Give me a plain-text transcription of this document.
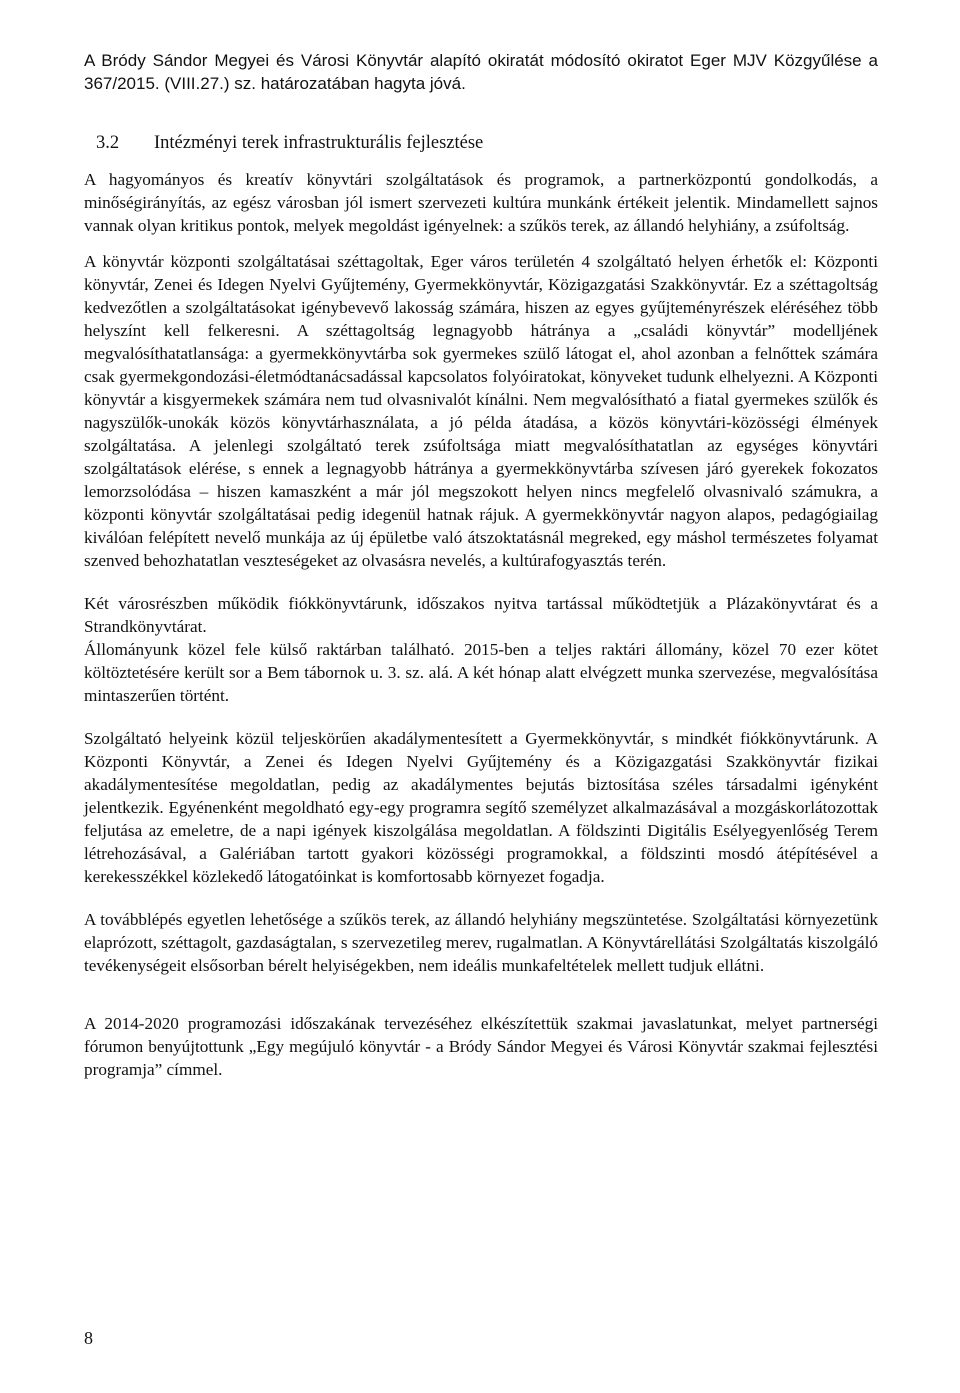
A Bródy Sándor Megyei és Városi Könyvtár alapító okiratát módosító okiratot Eger MJV Közgyűlése a 367/2015. (VIII.27.) sz. határozatában hagyta jóvá.

3.2	Intézményi terek infrastrukturális fejlesztése

A hagyományos és kreatív könyvtári szolgáltatások és programok, a partnerközpontú gondolkodás, a minőségirányítás, az egész városban jól ismert szervezeti kultúra munkánk értékeit jelentik. Mindamellett sajnos vannak olyan kritikus pontok, melyek megoldást igényelnek: a szűkös terek, az állandó helyhiány, a zsúfoltság.

A könyvtár központi szolgáltatásai széttagoltak, Eger város területén 4 szolgáltató helyen érhetők el: Központi könyvtár, Zenei és Idegen Nyelvi Gyűjtemény, Gyermekkönyvtár, Közigazgatási Szakkönyvtár. Ez a széttagoltság kedvezőtlen a szolgáltatásokat igénybevevő lakosság számára, hiszen az egyes gyűjteményrészek eléréséhez több helyszínt kell felkeresni. A széttagoltság legnagyobb hátránya a „családi könyvtár” modelljének megvalósíthatatlansága: a gyermekkönyvtárba sok gyermekes szülő látogat el, ahol azonban a felnőttek számára csak gyermekgondozási-életmódtanácsadással kapcsolatos folyóiratokat, könyveket tudunk elhelyezni. A Központi könyvtár a kisgyermekek számára nem tud olvasnivalót kínálni. Nem megvalósítható a fiatal gyermekes szülők és nagyszülők-unokák közös könyvtárhasználata, a jó példa átadása, a közös könyvtári-közösségi élmények szolgáltatása. A jelenlegi szolgáltató terek zsúfoltsága miatt megvalósíthatatlan az egységes könyvtári szolgáltatások elérése, s ennek a legnagyobb hátránya a gyermekkönyvtárba szívesen járó gyerekek fokozatos lemorzsolódása – hiszen kamaszként a már jól megszokott helyen nincs megfelelő olvasnivaló számukra, a központi könyvtár szolgáltatásai pedig idegenül hatnak rájuk. A gyermekkönyvtár nagyon alapos, pedagógiailag kiválóan felépített nevelő munkája az új épületbe való átszoktatásnál megreked, egy máshol természetes folyamat szenved behozhatatlan veszteségeket az olvasásra nevelés, a kultúrafogyasztás terén.

Két városrészben működik fiókkönyvtárunk, időszakos nyitva tartással működtetjük a Plázakönyvtárat és a Strandkönyvtárat.

Állományunk közel fele külső raktárban található. 2015-ben a teljes raktári állomány, közel 70 ezer kötet költöztetésére került sor a Bem tábornok u. 3. sz. alá. A két hónap alatt elvégzett munka szervezése, megvalósítása mintaszerűen történt.

Szolgáltató helyeink közül teljeskörűen akadálymentesített a Gyermekkönyvtár, s mindkét fiókkönyvtárunk. A Központi Könyvtár, a Zenei és Idegen Nyelvi Gyűjtemény és a Közigazgatási Szakkönyvtár fizikai akadálymentesítése megoldatlan, pedig az akadálymentes bejutás biztosítása széles társadalmi igényként jelentkezik. Egyénenként megoldható egy-egy programra segítő személyzet alkalmazásával a mozgáskorlátozottak feljutása az emeletre, de a napi igények kiszolgálása megoldatlan. A földszinti Digitális Esélyegyenlőség Terem létrehozásával, a Galériában tartott gyakori közösségi programokkal, a földszinti mosdó átépítésével a kerekesszékkel közlekedő látogatóinkat is komfortosabb környezet fogadja.

A továbblépés egyetlen lehetősége a szűkös terek, az állandó helyhiány megszüntetése. Szolgáltatási környezetünk elaprózott, széttagolt, gazdaságtalan, s szervezetileg merev, rugalmatlan. A Könyvtárellátási Szolgáltatás kiszolgáló tevékenységeit elsősorban bérelt helyiségekben, nem ideális munkafeltételek mellett tudjuk ellátni.

A 2014-2020 programozási időszakának tervezéséhez elkészítettük szakmai javaslatunkat, melyet partnerségi fórumon benyújtottunk „Egy megújuló könyvtár - a Bródy Sándor Megyei és Városi Könyvtár szakmai fejlesztési programja” címmel.

8
